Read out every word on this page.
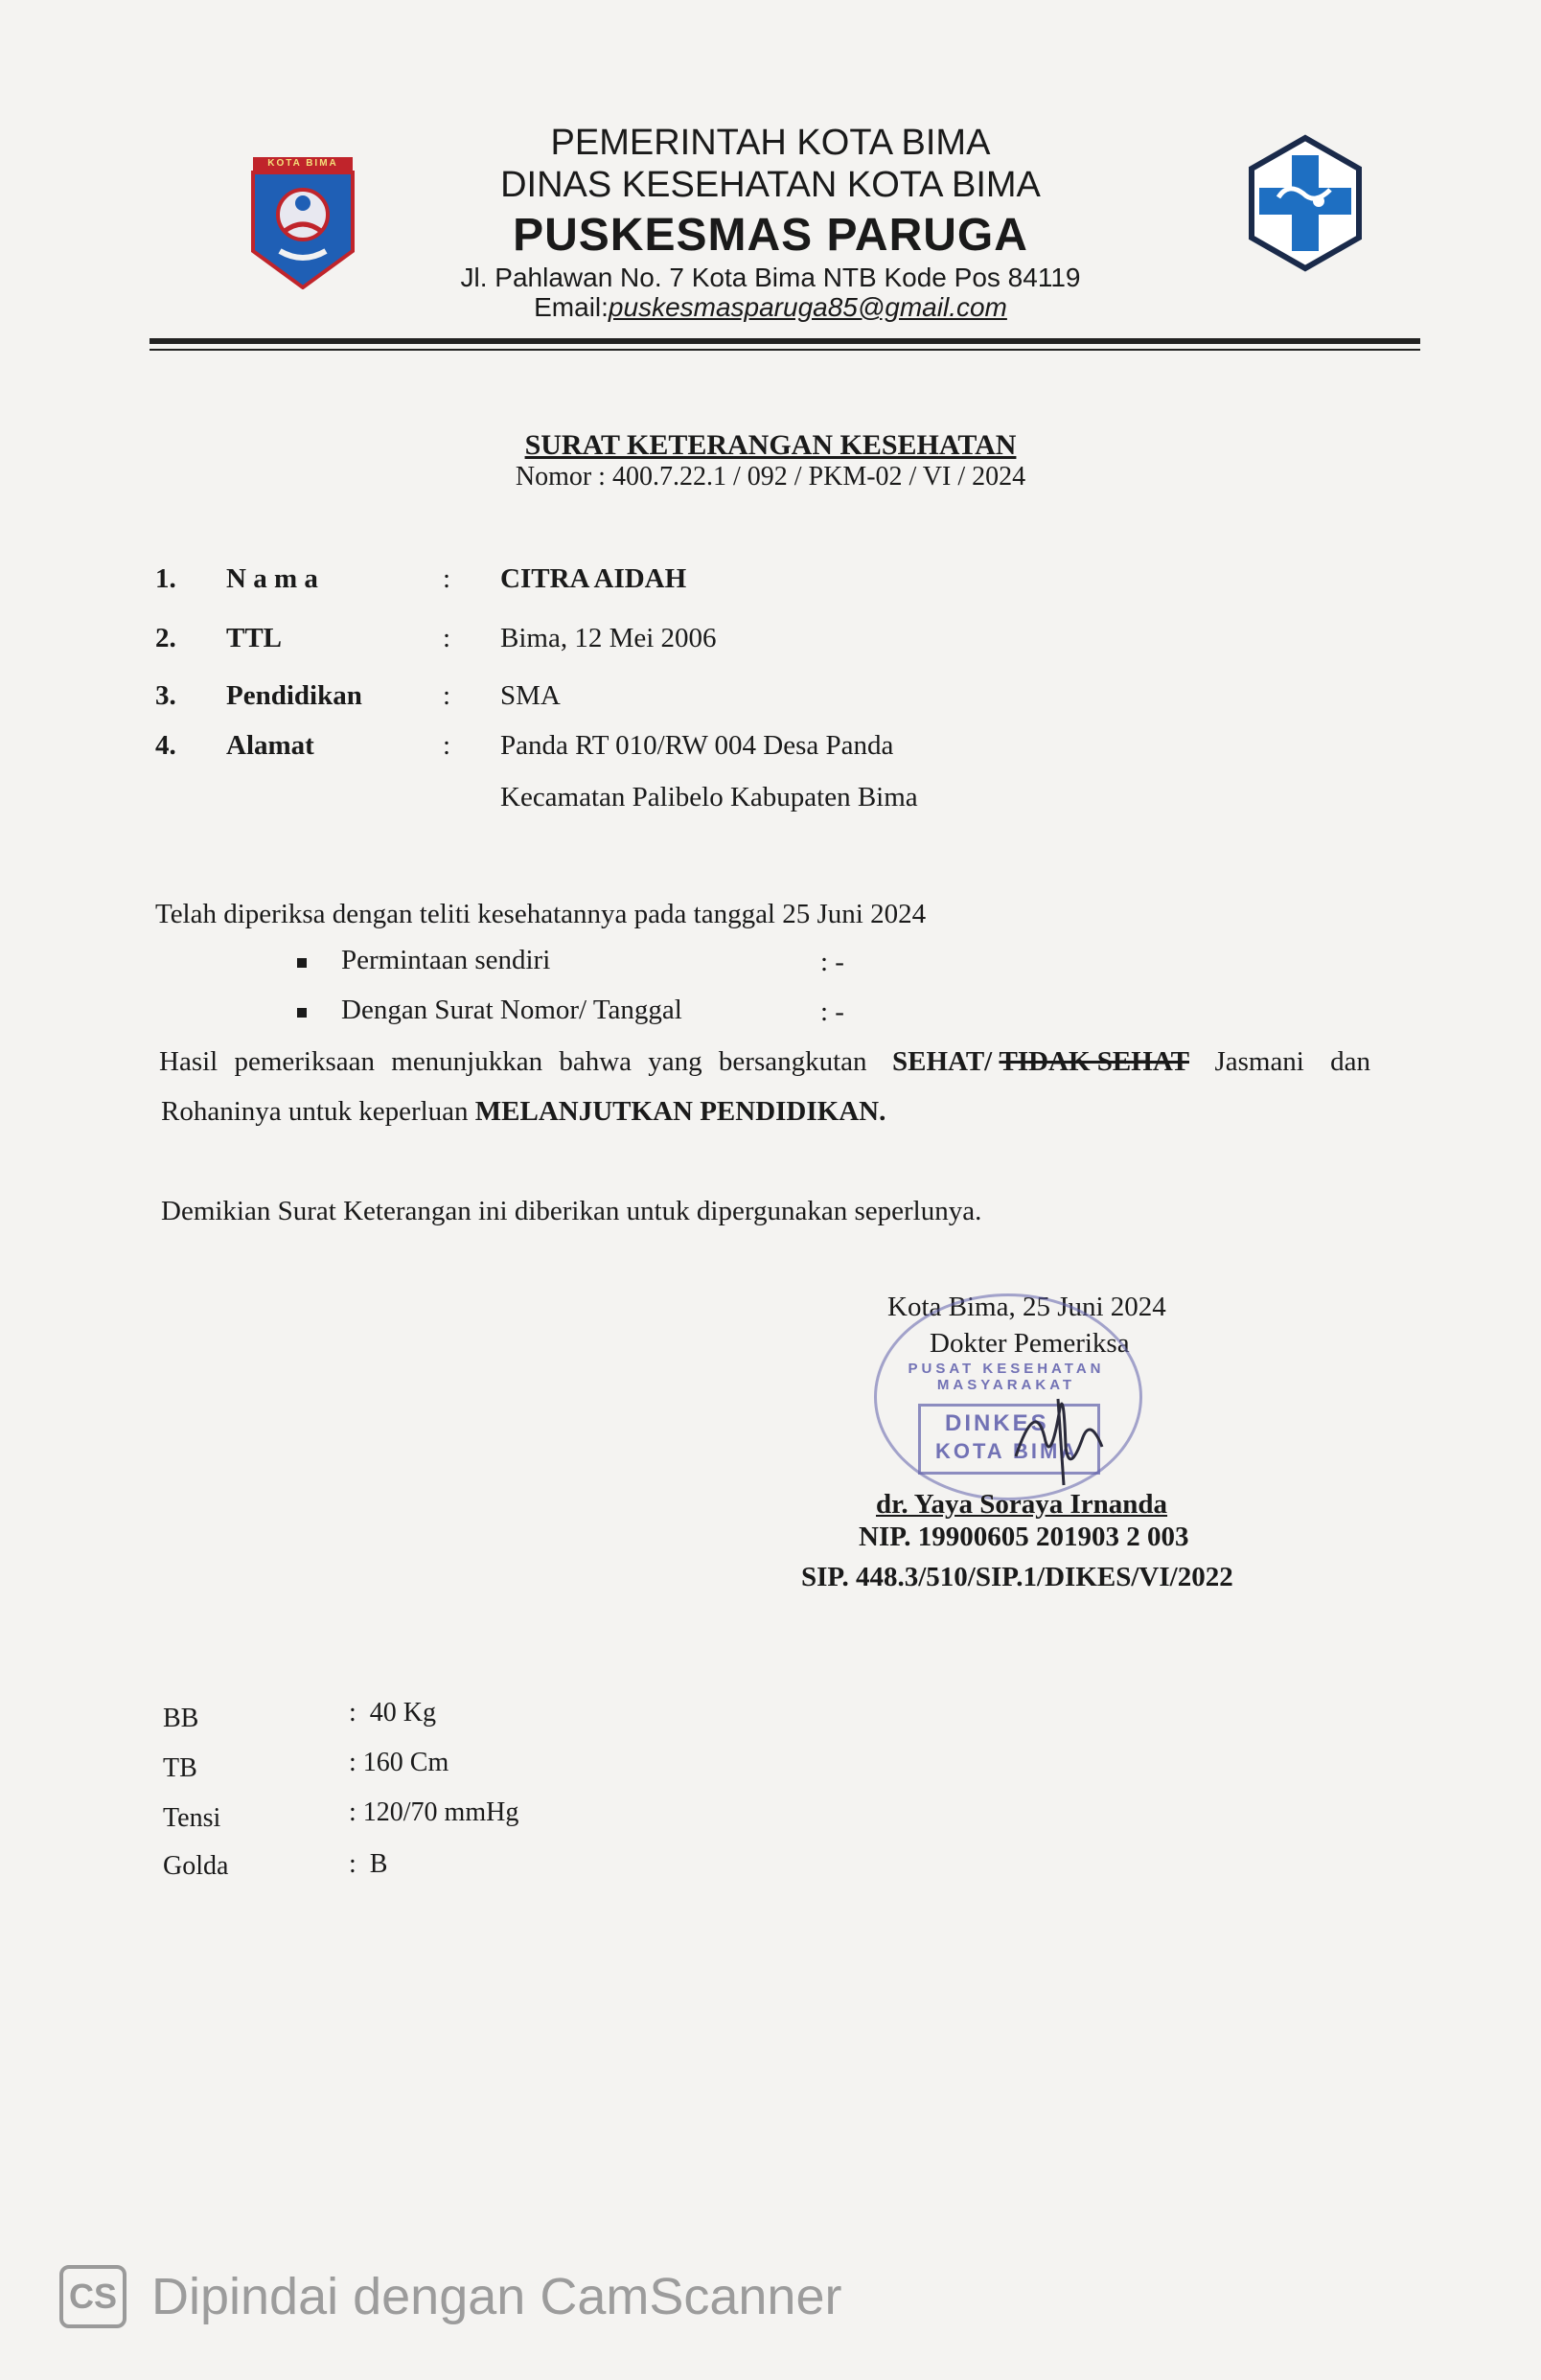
KOTA BIMA
PEMERINTAH KOTA BIMA
DINAS KESEHATAN KOTA BIMA
PUSKESMAS PARUGA
Jl. Pahlawan No. 7 Kota Bima NTB Kode Pos 84119
Email:puskesmasparuga85@gmail.com
SURAT KETERANGAN KESEHATAN
Nomor : 400.7.22.1 / 092 / PKM-02 / VI / 2024
1. N a m a	: CITRA AIDAH
2. TTL	: Bima, 12 Mei 2006
3. Pendidikan	: SMA
4. Alamat	: Panda RT 010/RW 004 Desa Panda
Kecamatan Palibelo Kabupaten Bima
Telah diperiksa dengan teliti kesehatannya pada tanggal 25 Juni 2024
Permintaan sendiri	: -
Dengan Surat Nomor/ Tanggal	: -
Hasil pemeriksaan menunjukkan bahwa yang bersangkutan SEHAT/ TIDAK SEHAT Jasmani dan
Rohaninya untuk keperluan MELANJUTKAN PENDIDIKAN.
Demikian Surat Keterangan ini diberikan untuk dipergunakan seperlunya.
Kota Bima, 25 Juni 2024
Dokter Pemeriksa
PUSAT KESEHATAN MASYARAKAT
DINKES
KOTA BIMA
dr. Yaya Soraya Irnanda
NIP. 19900605 201903 2 003
SIP. 448.3/510/SIP.1/DIKES/VI/2022
BB	:  40 Kg
TB	: 160 Cm
Tensi	: 120/70 mmHg
Golda	:  B
CS Dipindai dengan CamScanner
